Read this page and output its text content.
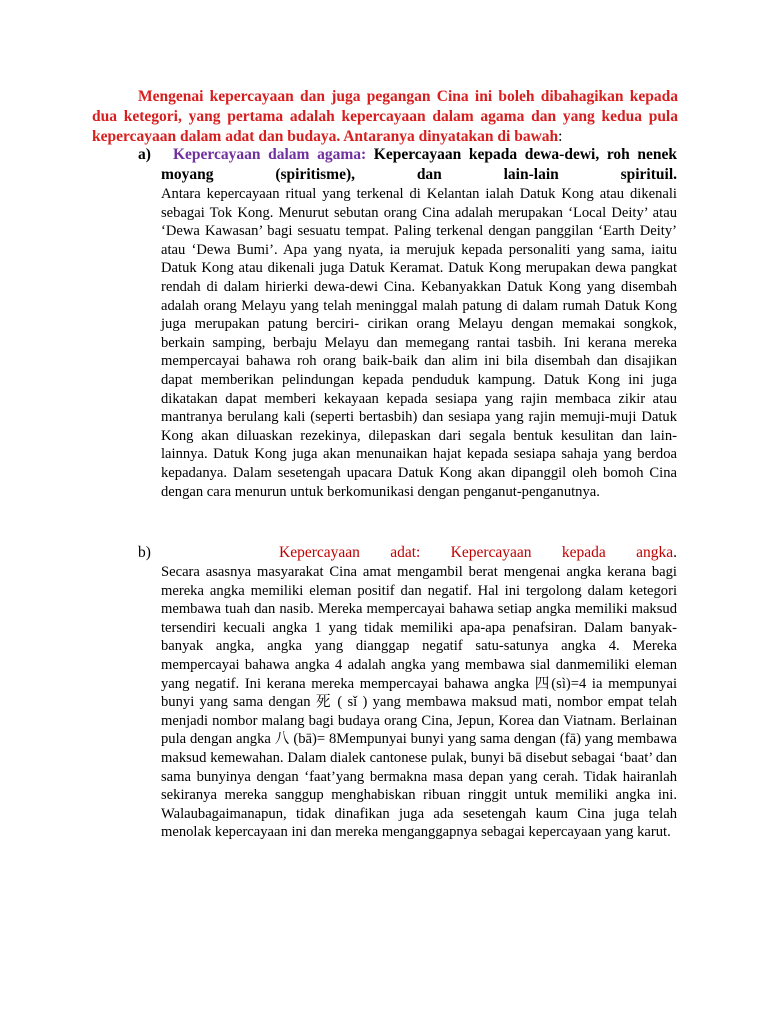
Mengenai kepercayaan dan juga pegangan Cina ini boleh dibahagikan kepada dua ketegori, yang pertama adalah kepercayaan dalam agama dan yang kedua pula kepercayaan dalam adat dan budaya. Antaranya dinyatakan di bawah:

a)	Kepercayaan dalam agama: Kepercayaan kepada dewa-dewi, roh nenek moyang (spiritisme), dan lain-lain spirituil.

Antara kepercayaan ritual yang terkenal di Kelantan ialah Datuk Kong atau dikenali sebagai Tok Kong. Menurut sebutan orang Cina adalah merupakan ‘Local Deity’ atau ‘Dewa Kawasan’ bagi sesuatu tempat. Paling terkenal dengan panggilan ‘Earth Deity’ atau ‘Dewa Bumi’. Apa yang nyata, ia merujuk kepada personaliti yang sama, iaitu Datuk Kong atau dikenali juga Datuk Keramat. Datuk Kong merupakan dewa pangkat rendah di dalam hirierki dewa-dewi Cina. Kebanyakkan Datuk Kong yang disembah adalah orang Melayu yang telah meninggal malah patung di dalam rumah Datuk Kong juga merupakan patung berciri- cirikan orang Melayu dengan memakai songkok, berkain samping, berbaju Melayu dan memegang rantai tasbih. Ini kerana mereka mempercayai bahawa roh orang baik-baik dan alim ini bila disembah dan disajikan dapat memberikan pelindungan kepada penduduk kampung. Datuk Kong ini juga dikatakan dapat memberi kekayaan kepada sesiapa yang rajin membaca zikir atau mantranya berulang kali (seperti bertasbih) dan sesiapa yang rajin memuji-muji Datuk Kong akan diluaskan rezekinya, dilepaskan dari segala bentuk kesulitan dan lain-lainnya. Datuk Kong juga akan menunaikan hajat kepada sesiapa sahaja yang berdoa kepadanya. Dalam sesetengah upacara Datuk Kong akan dipanggil oleh bomoh Cina dengan cara menurun untuk berkomunikasi dengan penganut-penganutnya.

b)	Kepercayaan adat: Kepercayaan kepada angka.

Secara asasnya masyarakat Cina amat mengambil berat mengenai angka kerana bagi mereka angka memiliki eleman positif dan negatif. Hal ini tergolong dalam ketegori membawa tuah dan nasib. Mereka mempercayai bahawa setiap angka memiliki maksud tersendiri kecuali angka 1 yang tidak memiliki apa-apa penafsiran. Dalam banyak-banyak angka, angka yang dianggap negatif satu-satunya angka 4. Mereka mempercayai bahawa angka 4 adalah angka yang membawa sial danmemiliki eleman yang negatif. Ini kerana mereka mempercayai bahawa angka 四(sì)=4 ia mempunyai bunyi yang sama dengan 死 ( sǐ ) yang membawa maksud mati, nombor empat telah menjadi nombor malang bagi budaya orang Cina, Jepun, Korea dan Viatnam. Berlainan pula dengan angka 八 (bā)= 8Mempunyai bunyi yang sama dengan (fā) yang membawa maksud kemewahan. Dalam dialek cantonese pulak, bunyi bā disebut sebagai ‘baat’ dan sama bunyinya dengan ‘faat’yang bermakna masa depan yang cerah. Tidak hairanlah sekiranya mereka sanggup menghabiskan ribuan ringgit untuk memiliki angka ini. Walaubagaimanapun, tidak dinafikan juga ada sesetengah kaum Cina juga telah menolak kepercayaan ini dan mereka menganggapnya sebagai kepercayaan yang karut.
